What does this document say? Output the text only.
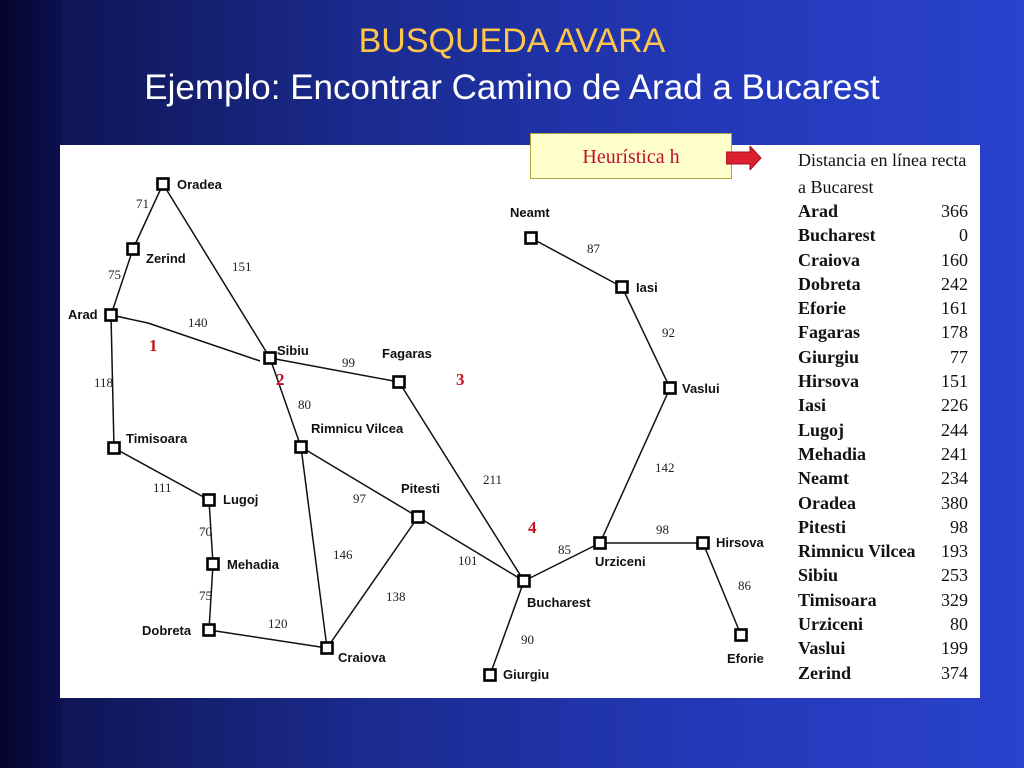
BUSQUEDA AVARA
Ejemplo: Encontrar Camino de Arad a Bucarest
71
75
151
140
118
99
80
111
70
75
120
146
97
138
211
101
90
85
98
86
142
92
87
Oradea
Zerind
Arad
Sibiu	Fagaras
Timisoara
Rimnicu Vilcea
Lugoj
Pitesti
Mehadia
Dobreta
Craiova
Bucharest
Giurgiu
Urziceni
Hirsova
Eforie
Vaslui
Iasi
Neamt
1
2	3
4
Heurística h	Distancia en línea recta
a Bucarest
Arad	366
Bucharest	0
Craiova	160
Dobreta	242
Eforie	161
Fagaras	178
Giurgiu	77
Hirsova	151
Iasi	226
Lugoj	244
Mehadia	241
Neamt	234
Oradea	380
Pitesti	98
Rimnicu Vilcea	193
Sibiu	253
Timisoara	329
Urziceni	80
Vaslui	199
Zerind	374
